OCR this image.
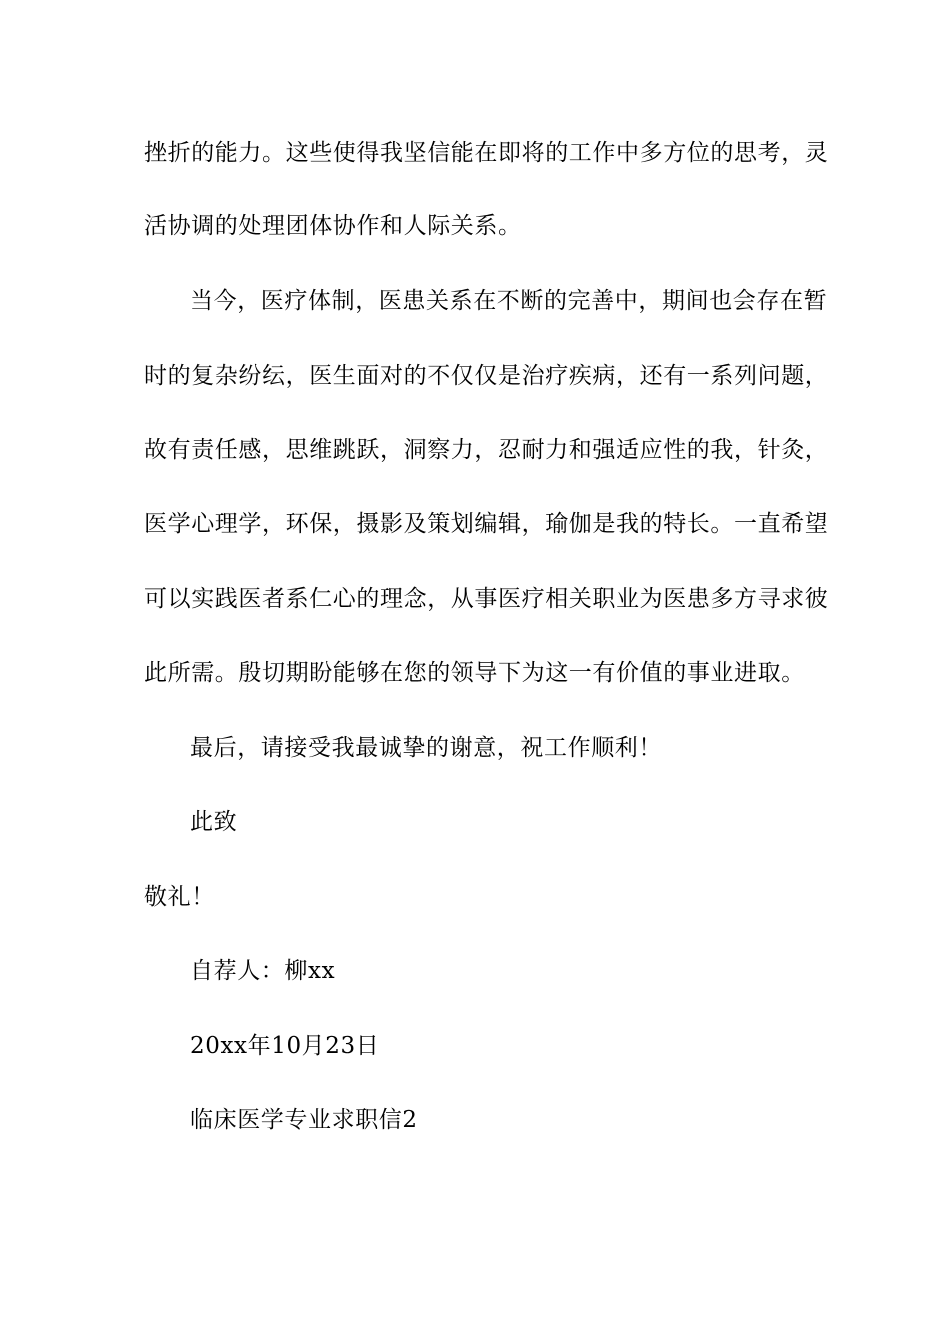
挫折的能力。这些使得我坚信能在即将的工作中多方位的思考，灵

活协调的处理团体协作和人际关系。

当今，医疗体制，医患关系在不断的完善中，期间也会存在暂

时的复杂纷纭，医生面对的不仅仅是治疗疾病，还有一系列问题，

故有责任感，思维跳跃，洞察力，忍耐力和强适应性的我，针灸，

医学心理学，环保，摄影及策划编辑，瑜伽是我的特长。一直希望

可以实践医者系仁心的理念，从事医疗相关职业为医患多方寻求彼

此所需。殷切期盼能够在您的领导下为这一有价值的事业进取。

最后，请接受我最诚挚的谢意，祝工作顺利！

此致

敬礼！

自荐人：柳xx

20xx年10月23日

临床医学专业求职信2
